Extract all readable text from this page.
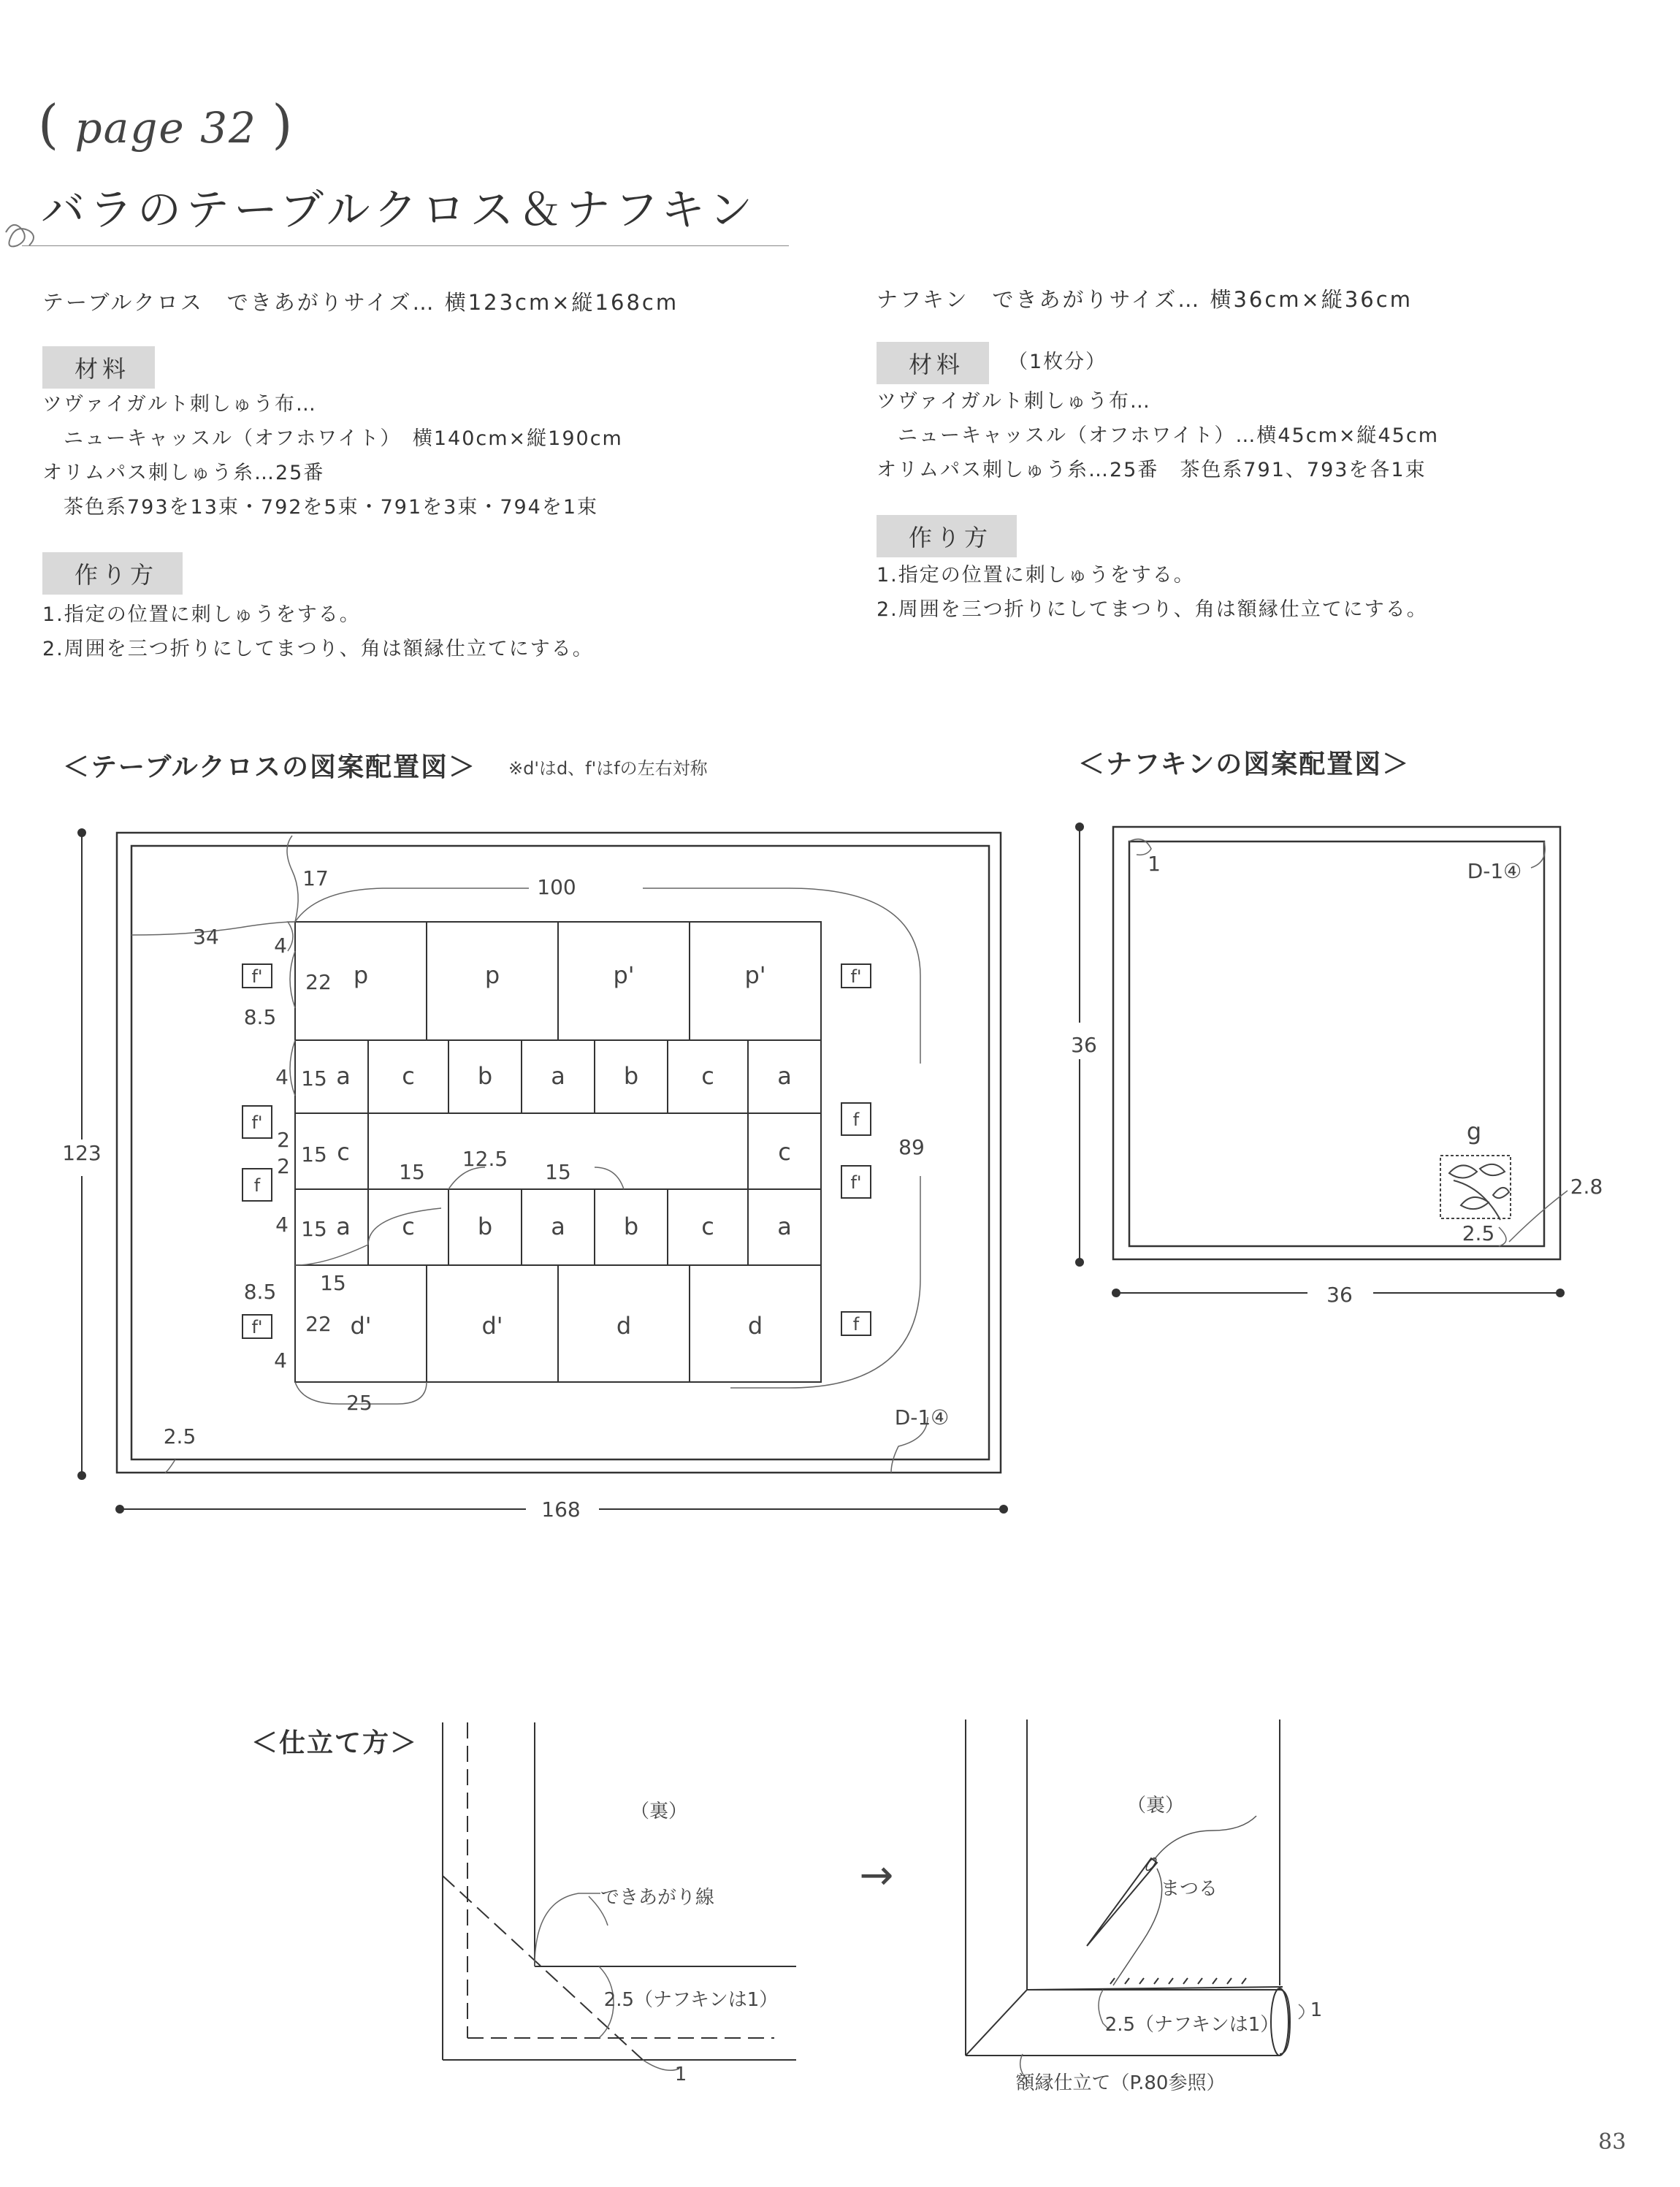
( page 32 )
バラのテーブルクロス＆ナフキン
テーブルクロス　できあがりサイズ… 横123cm×縦168cm
材料
ツヴァイガルト刺しゅう布…
　ニューキャッスル（オフホワイト）　横140cm×縦190cm
オリムパス刺しゅう糸…25番
　茶色系793を13束・792を5束・791を3束・794を1束
作り方
1.指定の位置に刺しゅうをする。
2.周囲を三つ折りにしてまつり、角は額縁仕立てにする。
ナフキン　できあがりサイズ… 横36cm×縦36cm
材料	（1枚分）
ツヴァイガルト刺しゅう布…
　ニューキャッスル（オフホワイト）…横45cm×縦45cm
オリムパス刺しゅう糸…25番　茶色系791、793を各1束
作り方
1.指定の位置に刺しゅうをする。
2.周囲を三つ折りにしてまつり、角は額縁仕立てにする。
＜テーブルクロスの図案配置図＞ ※d'はd、f'はfの左右対称	＜ナフキンの図案配置図＞
p	p	p'	p'
a c	b	a	b	c	a
c	c
a c	b	a	b	c	a
d'	d'	d	d
f'
f'
f
f'
f'
f
f'
f
17	100
34	4
22
8.5
4 15
2
15
2
4 15
15
12.5
15
8.5 15
22
4
25
89
123
168
2.5
D-1④
1	D-1④
36
36
2.8
2.5
g
＜仕立て方＞
→
（裏）
できあがり線
2.5（ナフキンは1）
1
（裏）
まつる
2.5（ナフキンは1）
1
額縁仕立て（P.80参照）
83
